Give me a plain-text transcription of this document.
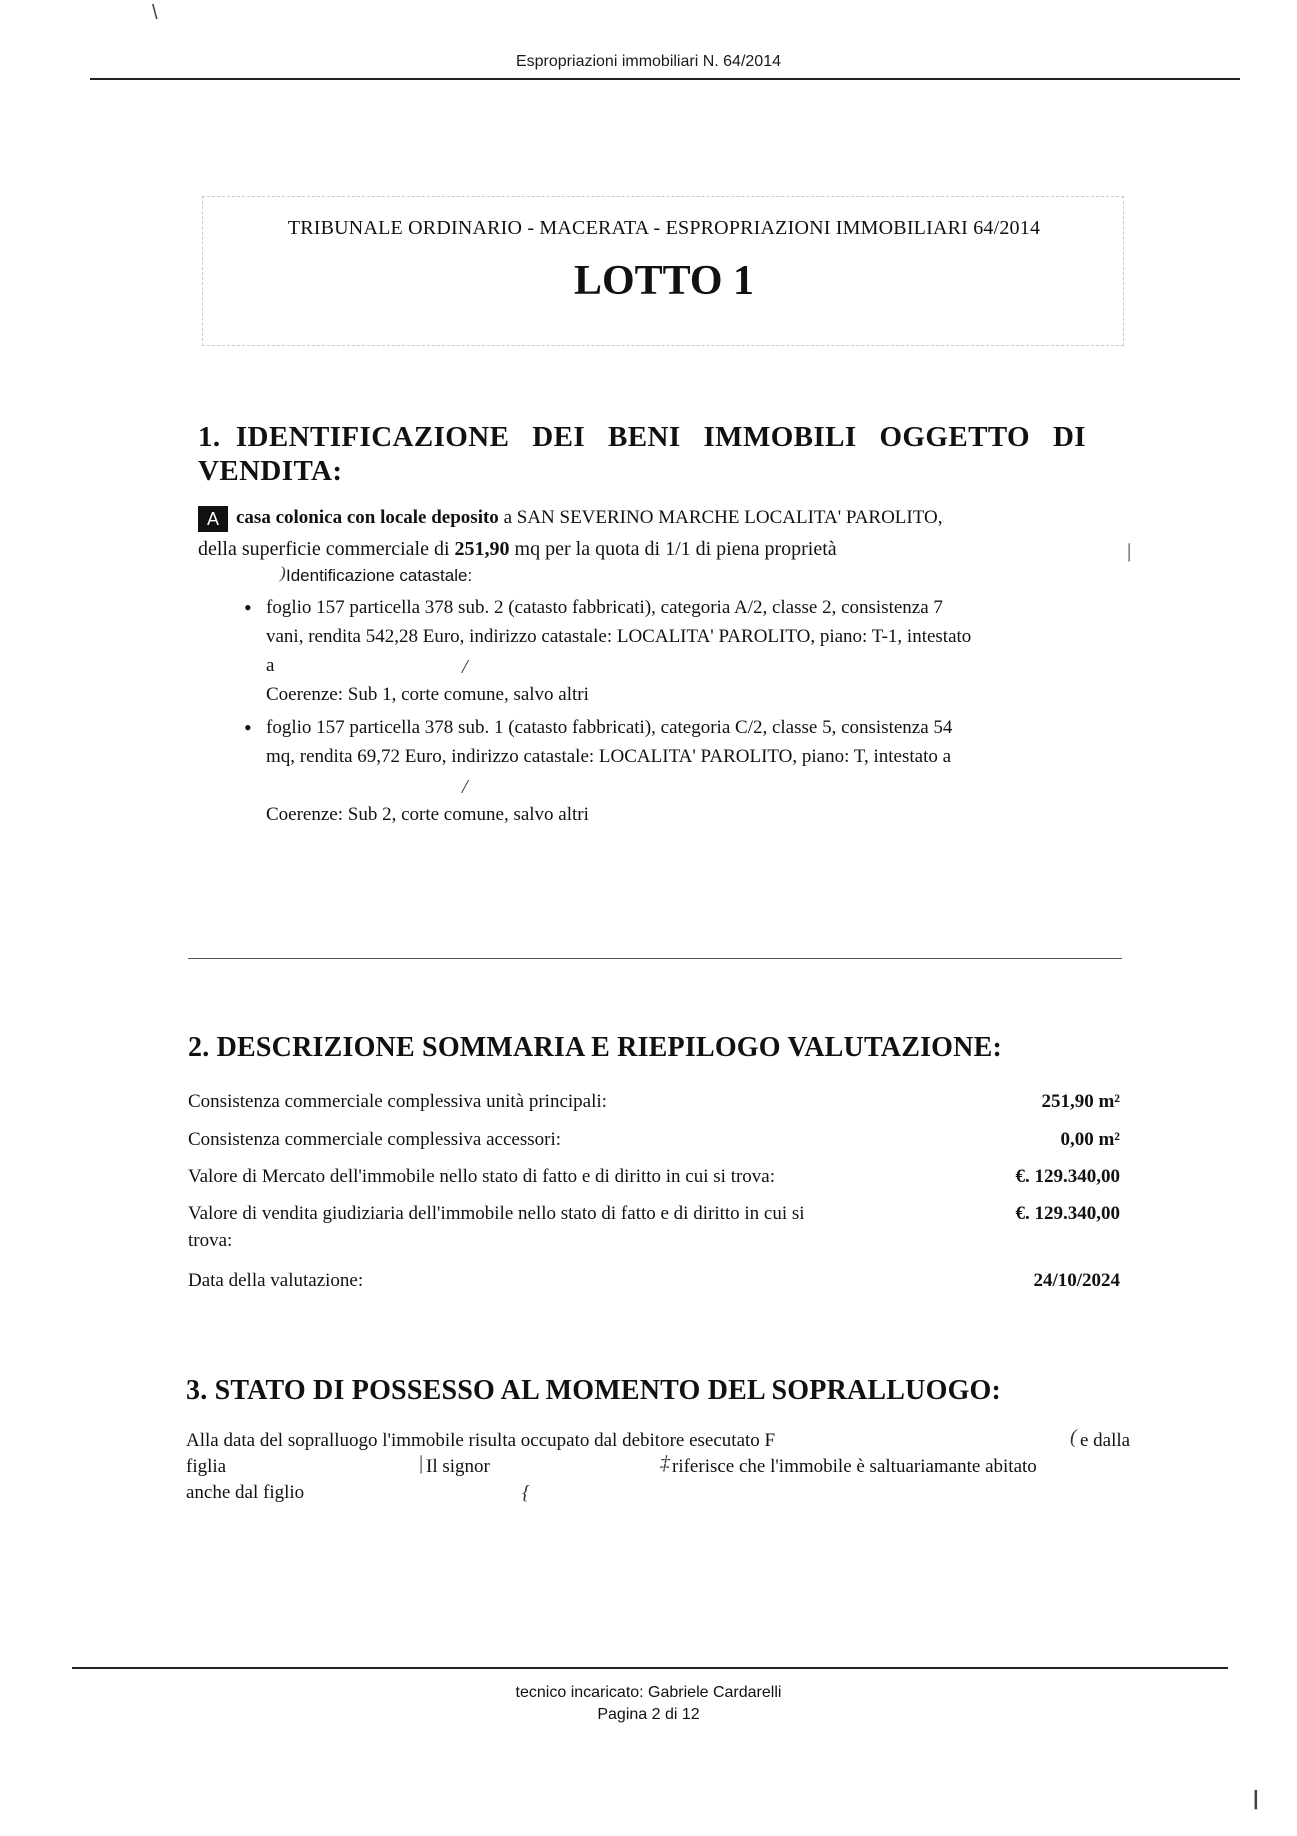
\
|
Espropriazioni immobiliari N. 64/2014
TRIBUNALE ORDINARIO - MACERATA - ESPROPRIAZIONI IMMOBILIARI 64/2014
LOTTO 1
1.  IDENTIFICAZIONE   DEI   BENI   IMMOBILI   OGGETTO   DI
VENDITA:
A casa colonica con locale deposito a SAN SEVERINO MARCHE LOCALITA' PAROLITO,
della superficie commerciale di 251,90 mq per la quota di 1/1 di piena proprietà	|
) Identificazione catastale:
• foglio 157 particella 378 sub. 2 (catasto fabbricati), categoria A/2, classe 2, consistenza 7
vani, rendita 542,28 Euro, indirizzo catastale: LOCALITA' PAROLITO, piano: T-1, intestato
a
Coerenze: Sub 1, corte comune, salvo altri
/
• foglio 157 particella 378 sub. 1 (catasto fabbricati), categoria C/2, classe 5, consistenza 54
mq, rendita 69,72 Euro, indirizzo catastale: LOCALITA' PAROLITO, piano: T, intestato a
/
Coerenze: Sub 2, corte comune, salvo altri
2. DESCRIZIONE SOMMARIA E RIEPILOGO VALUTAZIONE:
Consistenza commerciale complessiva unità principali:	251,90 m²
Consistenza commerciale complessiva accessori:	0,00 m²
Valore di Mercato dell'immobile nello stato di fatto e di diritto in cui si trova:	€. 129.340,00
Valore di vendita giudiziaria dell'immobile nello stato di fatto e di diritto in cui si
trova:
€. 129.340,00
Data della valutazione:	24/10/2024
3. STATO DI POSSESSO AL MOMENTO DEL SOPRALLUOGO:
Alla data del sopralluogo l'immobile risulta occupato dal debitore esecutato F	e dalla
(
figlia	| Il signor	‡ riferisce che l'immobile è saltuariamante abitato
anche dal figlio	{
tecnico incaricato: Gabriele Cardarelli
Pagina 2 di 12
